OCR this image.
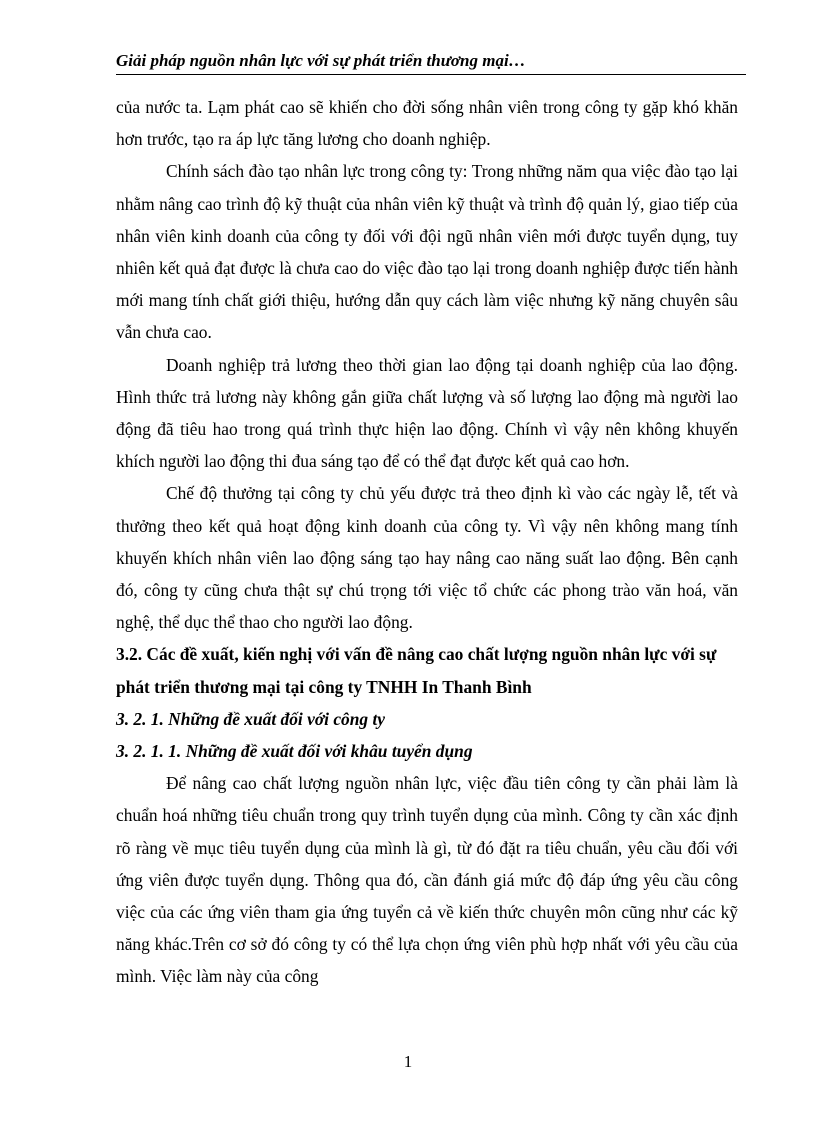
Giải pháp nguồn nhân lực với sự phát triển thương mại…

của nước ta. Lạm phát cao sẽ khiến cho đời sống nhân viên trong công ty gặp khó khăn hơn trước, tạo ra áp lực tăng lương cho doanh nghiệp.

Chính sách đào tạo nhân lực trong công ty: Trong những năm qua việc đào tạo lại nhằm nâng cao trình độ kỹ thuật của nhân viên kỹ thuật và trình độ quản lý, giao tiếp của nhân viên kinh doanh của công ty đối với đội ngũ nhân viên mới được tuyển dụng, tuy nhiên kết quả đạt được là chưa cao do việc đào tạo lại trong doanh nghiệp được tiến hành mới mang tính chất giới thiệu, hướng dẫn quy cách làm việc nhưng kỹ năng chuyên sâu vẫn chưa cao.

Doanh nghiệp trả lương theo thời gian lao động tại doanh nghiệp của lao động. Hình thức trả lương này không gắn giữa chất lượng và số lượng lao động mà người lao động đã tiêu hao trong quá trình thực hiện lao động. Chính vì vậy nên không khuyến khích người lao động thi đua sáng tạo để có thể đạt được kết quả cao hơn.

Chế độ thưởng tại công ty chủ yếu được trả theo định kì vào các ngày lễ, tết và thưởng theo kết quả hoạt động kinh doanh của công ty. Vì vậy nên không mang tính khuyến khích nhân viên lao động sáng tạo hay nâng cao năng suất lao động. Bên cạnh đó, công ty cũng chưa thật sự chú trọng tới việc tổ chức các phong trào văn hoá, văn nghệ, thể dục thể thao cho người lao động.

3.2. Các đề xuất, kiến nghị với vấn đề nâng cao chất lượng nguồn nhân lực với sự phát triển thương mại tại công ty TNHH In Thanh Bình

3. 2. 1. Những đề xuất đối với công ty

3. 2. 1. 1. Những đề xuất đối với khâu tuyển dụng

Để nâng cao chất lượng nguồn nhân lực, việc đầu tiên công ty cần phải làm là chuẩn hoá những tiêu chuẩn trong quy trình tuyển dụng của mình. Công ty cần xác định rõ ràng về mục tiêu tuyển dụng của mình là gì, từ đó đặt ra tiêu chuẩn, yêu cầu đối với ứng viên được tuyển dụng. Thông qua đó, cần đánh giá mức độ đáp ứng yêu cầu công việc của các ứng viên tham gia ứng tuyển cả về kiến thức chuyên môn cũng như các kỹ năng khác.Trên cơ sở đó công ty có thể lựa chọn ứng viên phù hợp nhất với yêu cầu của mình. Việc làm này của công

1
